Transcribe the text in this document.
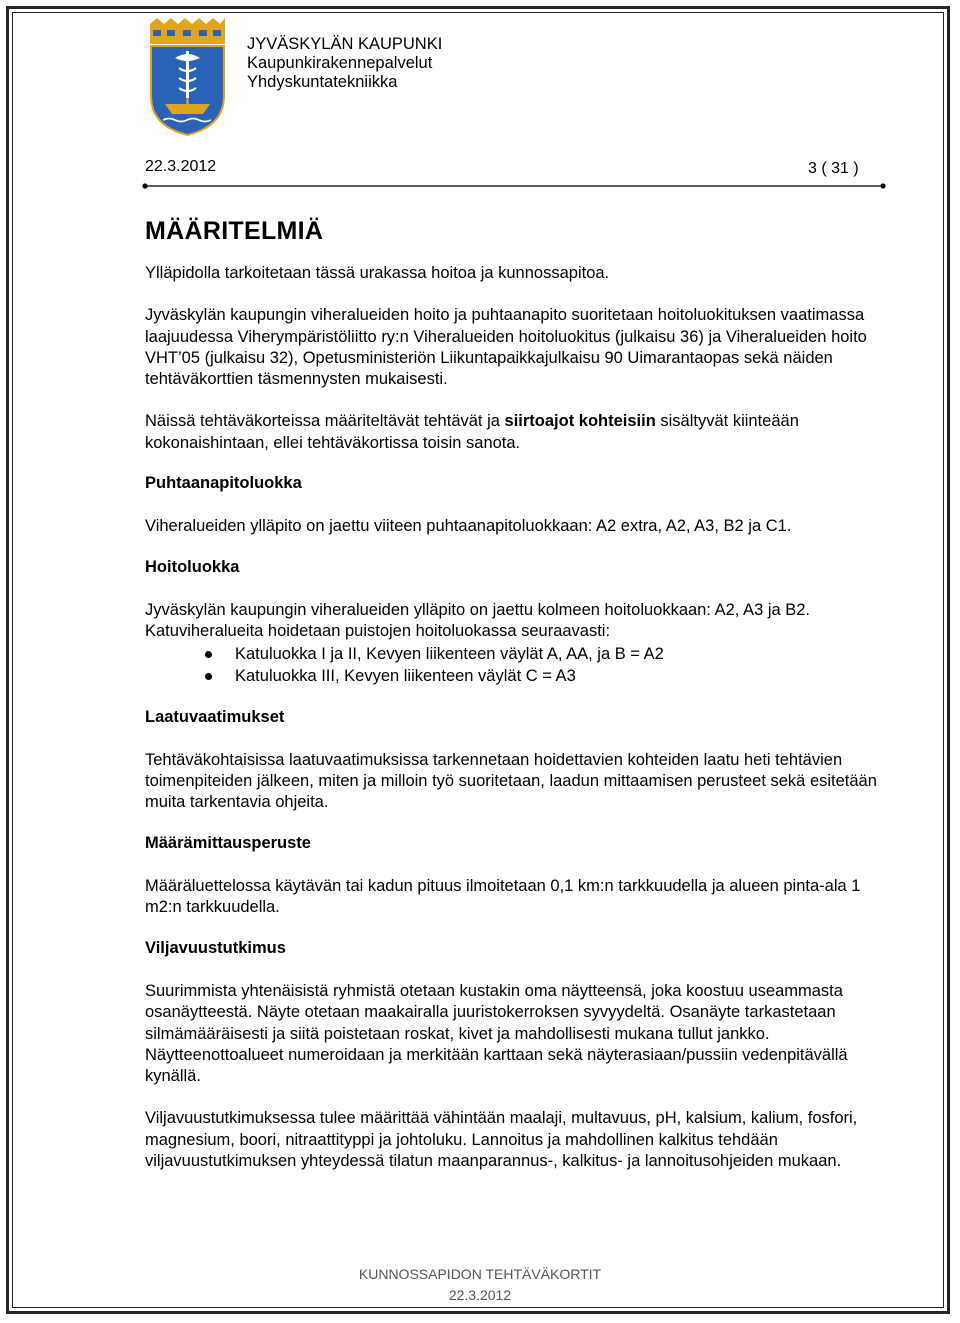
JYVÄSKYLÄN KAUPUNKI
Kaupunkirakennepalvelut
Yhdyskuntatekniikka
22.3.2012	3 ( 31 )
MÄÄRITELMIÄ

Ylläpidolla tarkoitetaan tässä urakassa hoitoa ja kunnossapitoa.

Jyväskylän kaupungin viheralueiden hoito ja puhtaanapito suoritetaan hoitoluokituksen vaatimassa laajuudessa Viherympäristöliitto ry:n Viheralueiden hoitoluokitus (julkaisu 36) ja Viheralueiden hoito VHT’05 (julkaisu 32), Opetusministeriön Liikuntapaikkajulkaisu 90 Uimarantaopas sekä näiden tehtäväkorttien täsmennysten mukaisesti.

Näissä tehtäväkorteissa määriteltävät tehtävät ja siirtoajot kohteisiin sisältyvät kiinteään kokonaishintaan, ellei tehtäväkortissa toisin sanota.

Puhtaanapitoluokka

Viheralueiden ylläpito on jaettu viiteen puhtaanapitoluokkaan: A2 extra, A2, A3, B2 ja C1.

Hoitoluokka

Jyväskylän kaupungin viheralueiden ylläpito on jaettu kolmeen hoitoluokkaan: A2, A3 ja B2. Katuviheralueita hoidetaan puistojen hoitoluokassa seuraavasti:

Katuluokka I ja II, Kevyen liikenteen väylät A, AA, ja B = A2
Katuluokka III, Kevyen liikenteen väylät C = A3

Laatuvaatimukset

Tehtäväkohtaisissa laatuvaatimuksissa tarkennetaan hoidettavien kohteiden laatu heti tehtävien toimenpiteiden jälkeen, miten ja milloin työ suoritetaan, laadun mittaamisen perusteet sekä esitetään muita tarkentavia ohjeita.

Määrämittausperuste

Määräluettelossa käytävän tai kadun pituus ilmoitetaan 0,1 km:n tarkkuudella ja alueen pinta-ala 1 m2:n tarkkuudella.

Viljavuustutkimus

Suurimmista yhtenäisistä ryhmistä otetaan kustakin oma näytteensä, joka koostuu useammasta osanäytteestä. Näyte otetaan maakairalla juuristokerroksen syvyydeltä. Osanäyte tarkastetaan silmämääräisesti ja siitä poistetaan roskat, kivet ja mahdollisesti mukana tullut jankko. Näytteenottoalueet numeroidaan ja merkitään karttaan sekä näyterasiaan/pussiin vedenpitävällä kynällä.

Viljavuustutkimuksessa tulee määrittää vähintään maalaji, multavuus, pH, kalsium, kalium, fosfori, magnesium, boori, nitraattityppi ja johtoluku. Lannoitus ja mahdollinen kalkitus tehdään viljavuustutkimuksen yhteydessä tilatun maanparannus-, kalkitus- ja lannoitusohjeiden mukaan.

KUNNOSSAPIDON TEHTÄVÄKORTIT
22.3.2012
